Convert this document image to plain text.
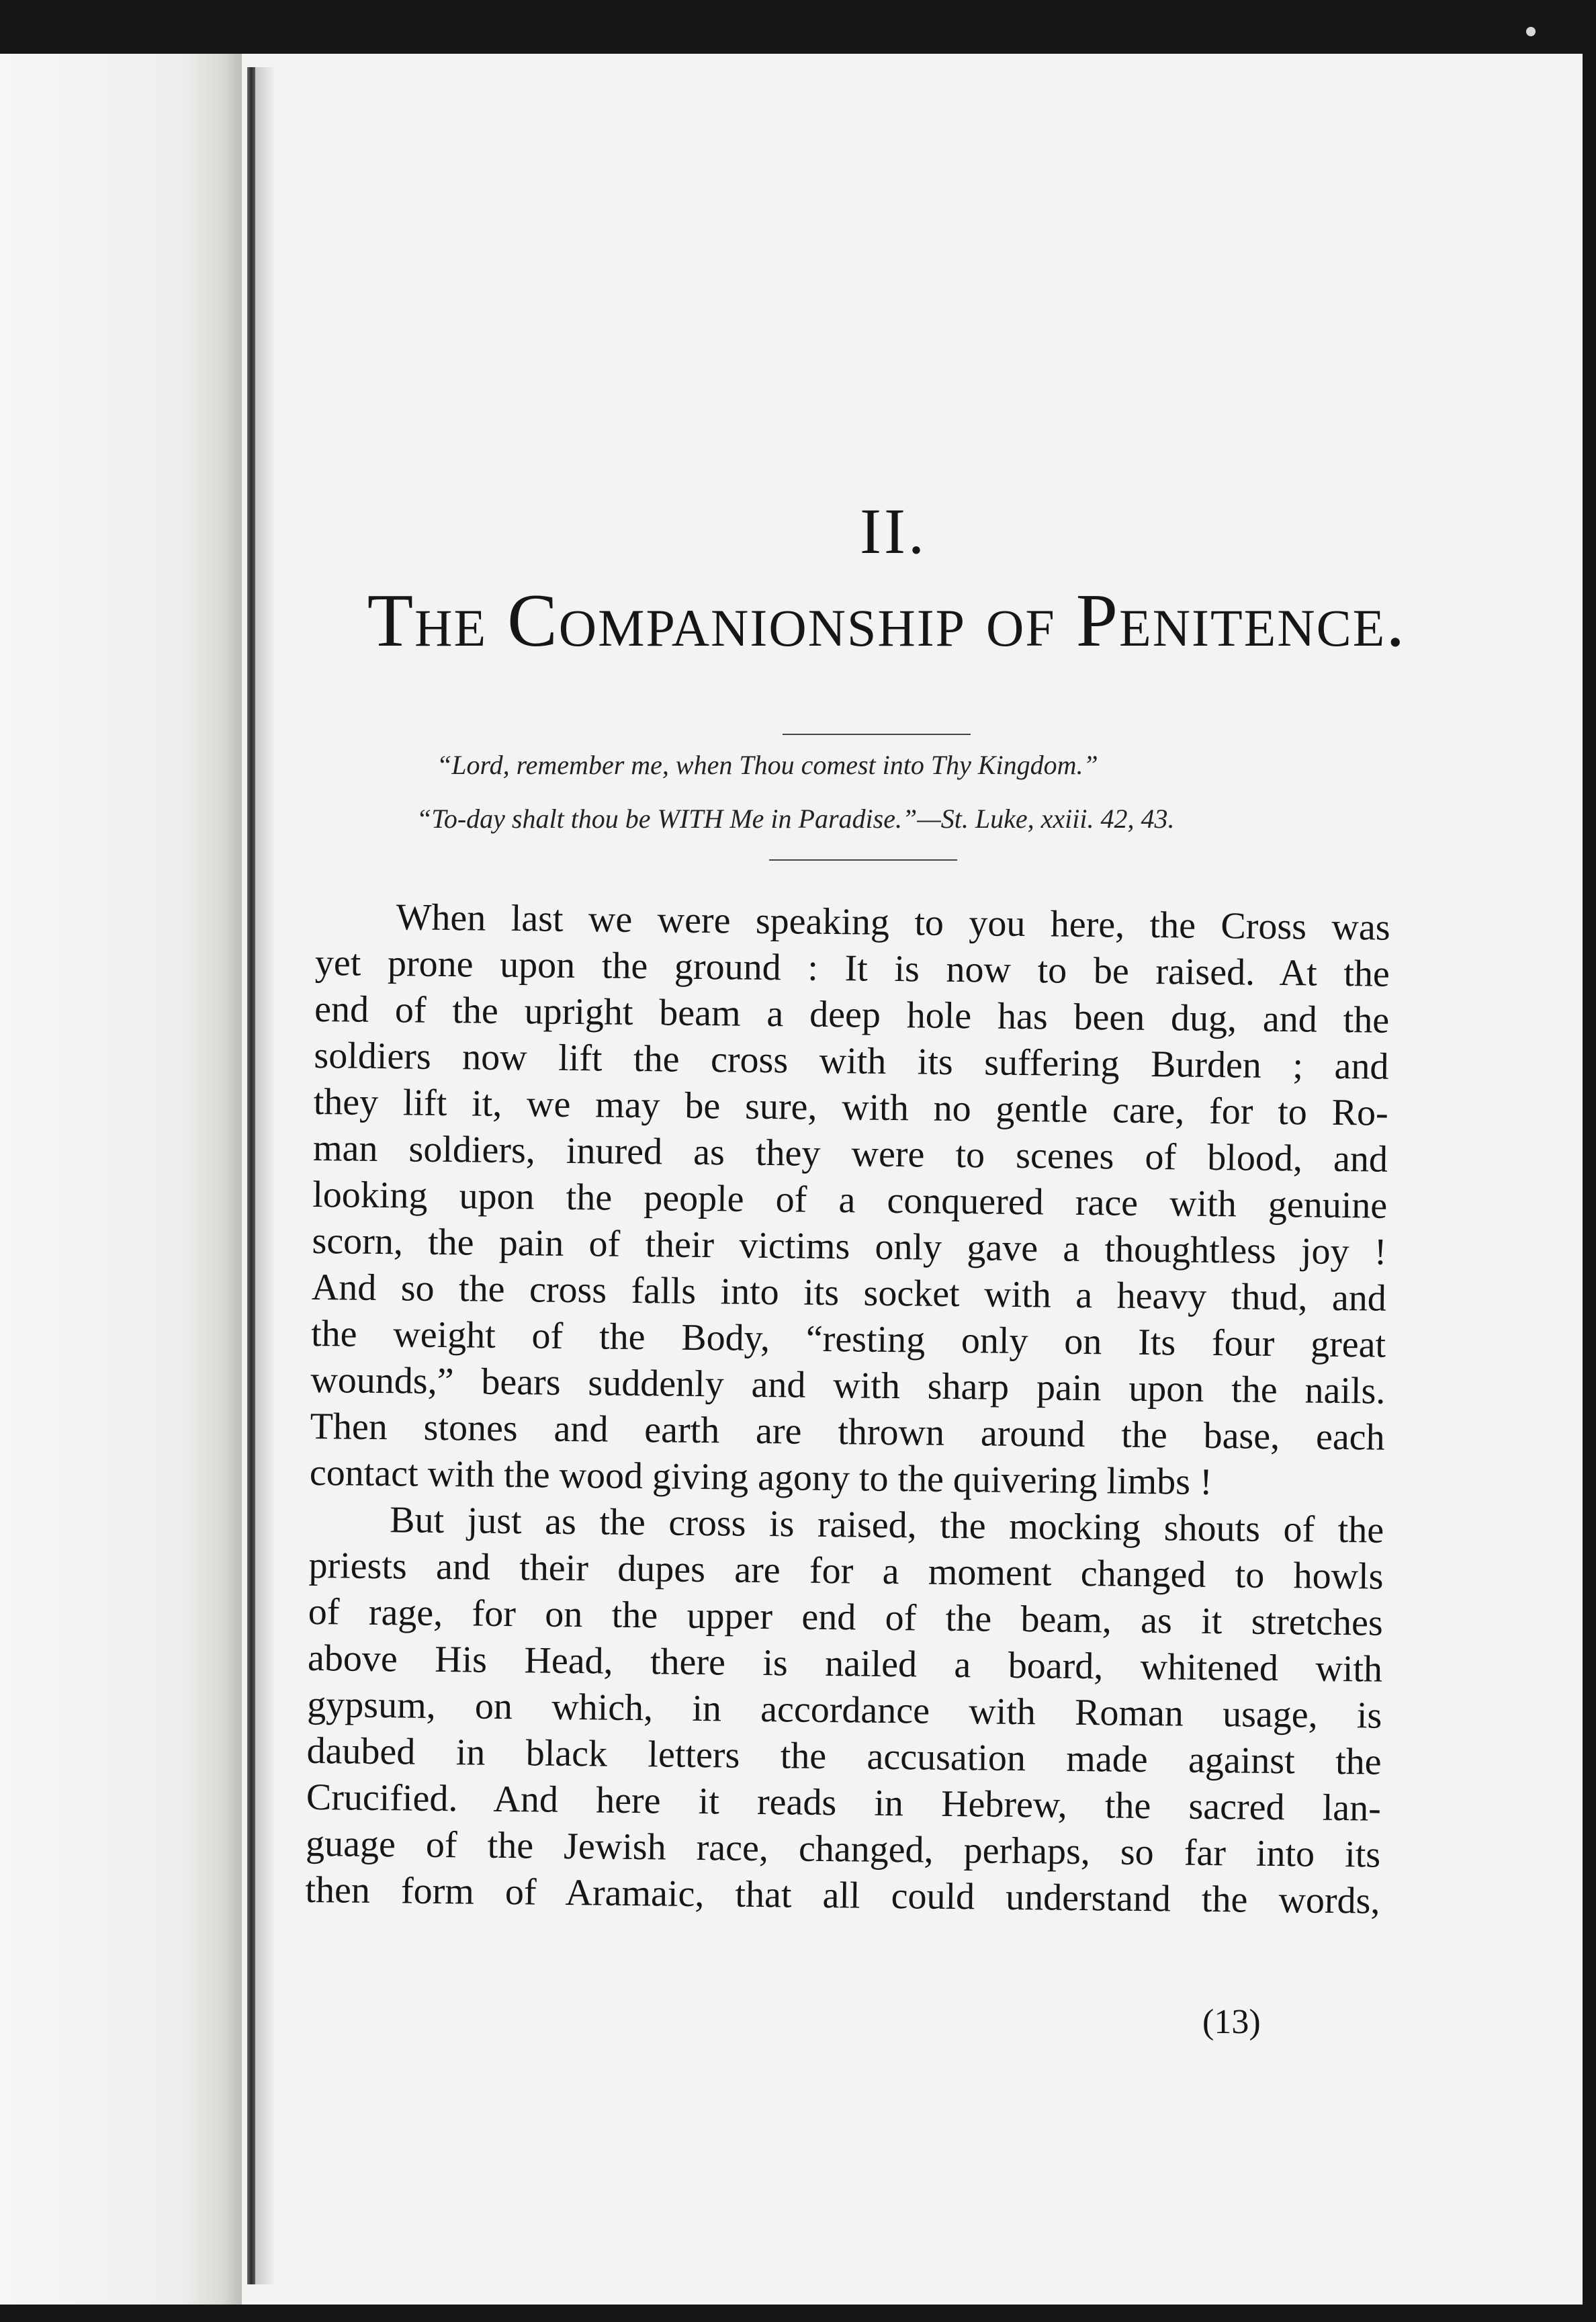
II.
The Companionship of Penitence.
“Lord, remember me, when Thou comest into Thy Kingdom.”
“To-day shalt thou be WITH Me in Paradise.”—St. Luke, xxiii. 42, 43.
When last we were speaking to you here, the Cross was
yet prone upon the ground : It is now to be raised. At the
end of the upright beam a deep hole has been dug, and the
soldiers now lift the cross with its suffering Burden ; and
they lift it, we may be sure, with no gentle care, for to Ro-
man soldiers, inured as they were to scenes of blood, and
looking upon the people of a conquered race with genuine
scorn, the pain of their victims only gave a thoughtless joy !
And so the cross falls into its socket with a heavy thud, and
the weight of the Body, “resting only on Its four great
wounds,” bears suddenly and with sharp pain upon the nails.
Then stones and earth are thrown around the base, each
contact with the wood giving agony to the quivering limbs !
But just as the cross is raised, the mocking shouts of the
priests and their dupes are for a moment changed to howls
of rage, for on the upper end of the beam, as it stretches
above His Head, there is nailed a board, whitened with
gypsum, on which, in accordance with Roman usage, is
daubed in black letters the accusation made against the
Crucified. And here it reads in Hebrew, the sacred lan-
guage of the Jewish race, changed, perhaps, so far into its
then form of Aramaic, that all could understand the words,
(13)
